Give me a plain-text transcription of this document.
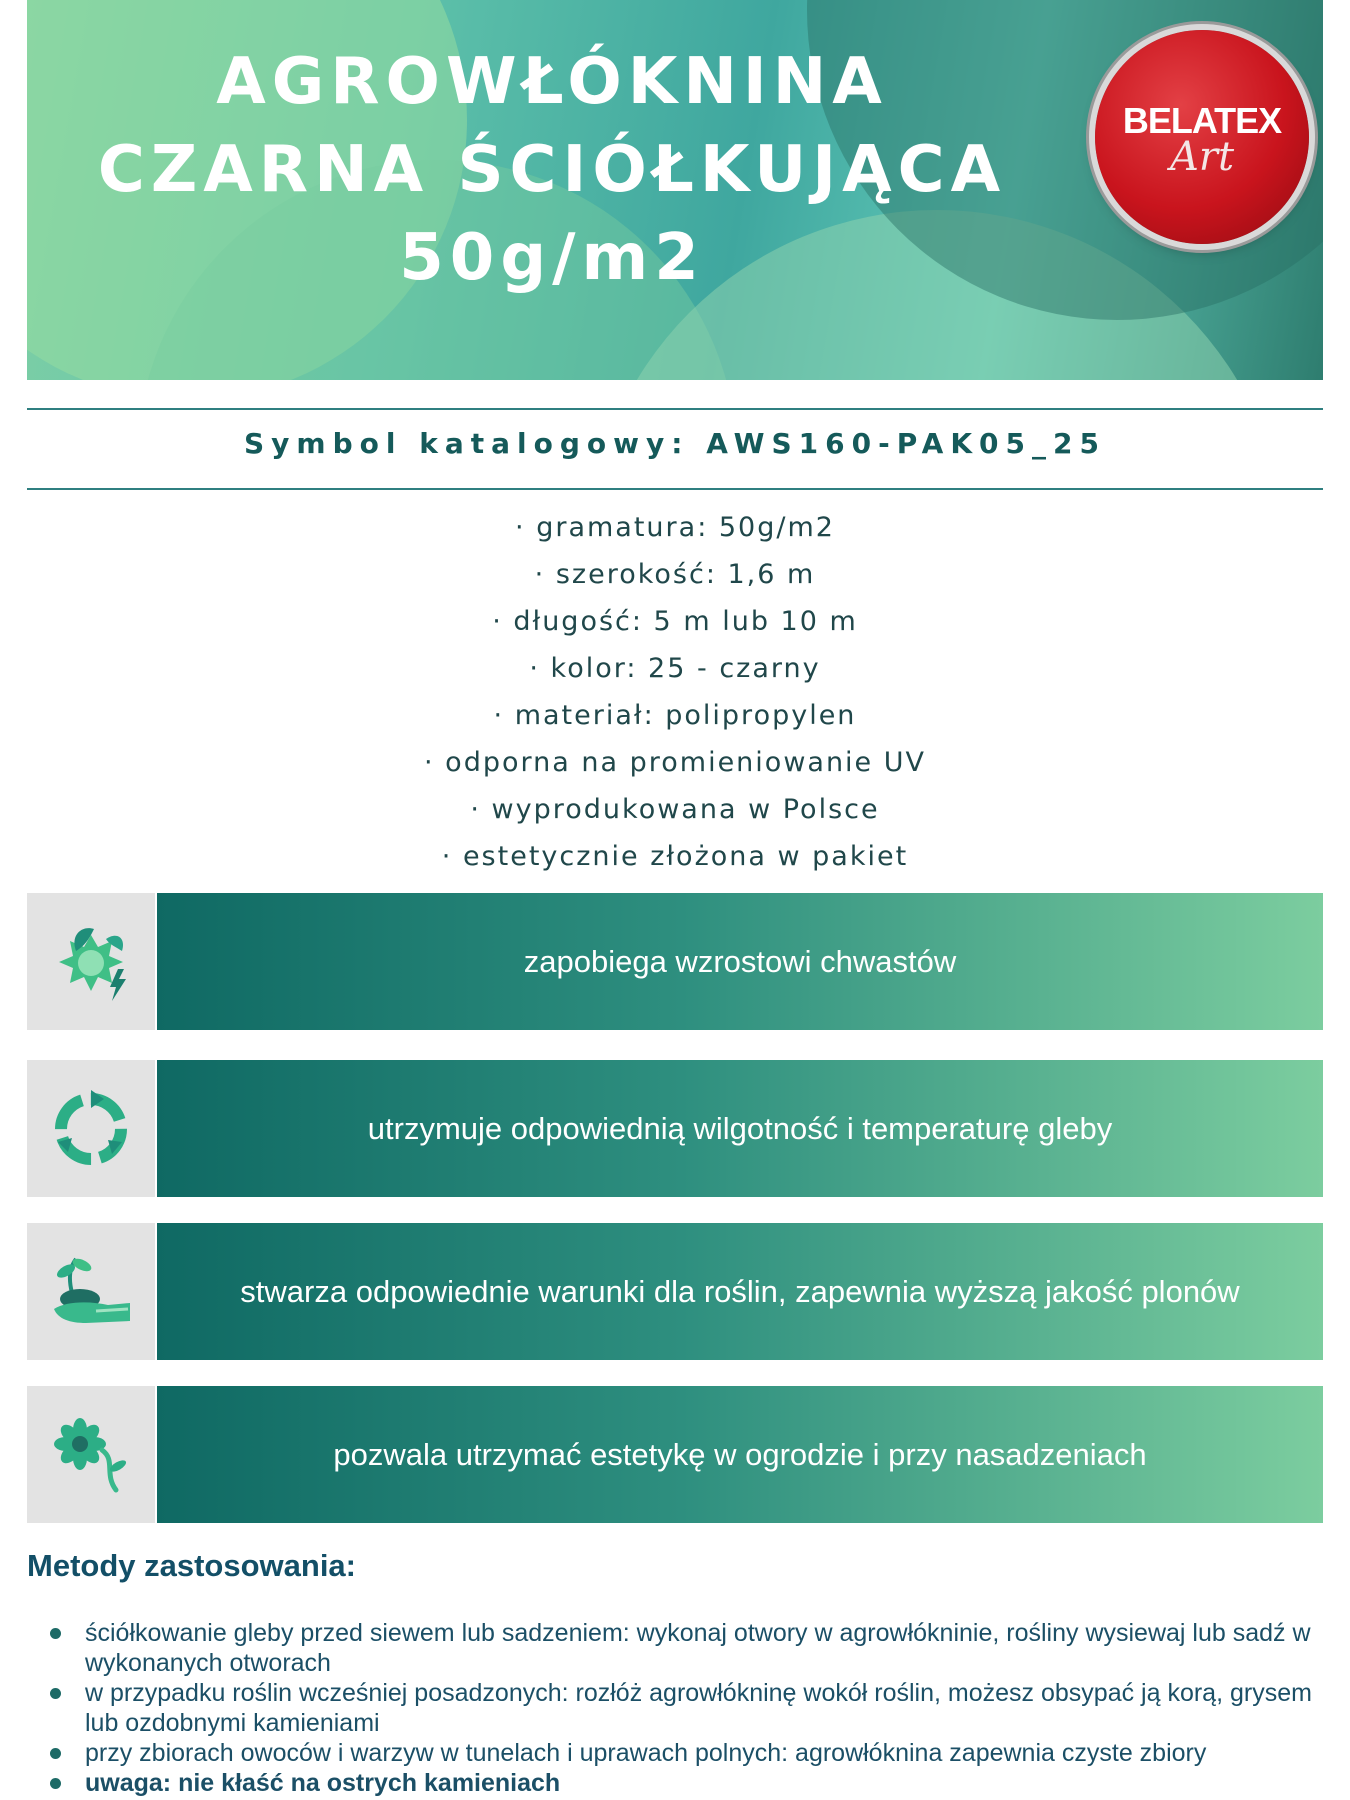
AGROWŁÓKNINA
CZARNA ŚCIÓŁKUJĄCA
50g/m2
BELATEX
Art
Symbol katalogowy: AWS160-PAK05_25
· gramatura: 50g/m2
· szerokość: 1,6 m
· długość: 5 m lub 10 m
· kolor: 25 - czarny
· materiał: polipropylen
· odporna na promieniowanie UV
· wyprodukowana w Polsce
· estetycznie złożona w pakiet
zapobiega wzrostowi chwastów
utrzymuje odpowiednią wilgotność i temperaturę gleby
stwarza odpowiednie warunki dla roślin, zapewnia wyższą jakość plonów
pozwala utrzymać estetykę w ogrodzie i przy nasadzeniach
Metody zastosowania:
ściółkowanie gleby przed siewem lub sadzeniem: wykonaj otwory w agrowłókninie, rośliny wysiewaj lub sadź w wykonanych otworach
w przypadku roślin wcześniej posadzonych: rozłóż agrowłókninę wokół roślin, możesz obsypać ją korą, grysem lub ozdobnymi kamieniami
przy zbiorach owoców i warzyw w tunelach i uprawach polnych: agrowłóknina zapewnia czyste zbiory
uwaga: nie kłaść na ostrych kamieniach
